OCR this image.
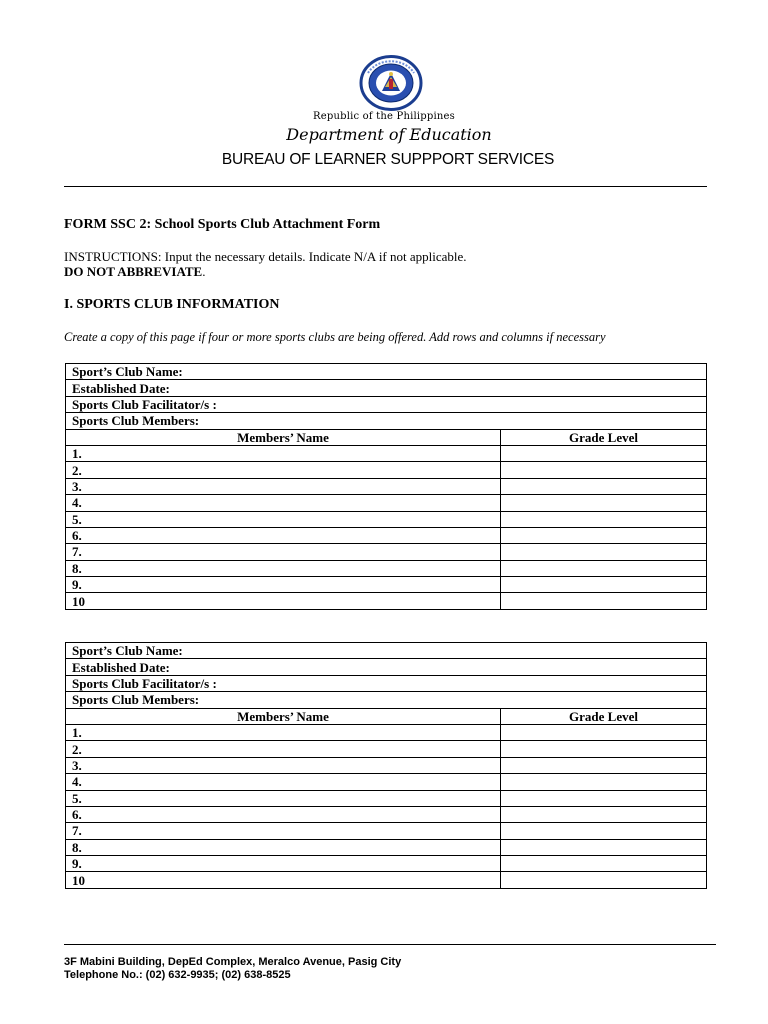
Republic of the Philippines
Department of Education
BUREAU OF LEARNER SUPPPORT SERVICES
FORM SSC 2: School Sports Club Attachment Form
INSTRUCTIONS: Input the necessary details. Indicate N/A if not applicable.
DO NOT ABBREVIATE.
I. SPORTS CLUB INFORMATION
Create a copy of this page if four or more sports clubs are being offered. Add rows and columns if necessary
Sport’s Club Name:	
Established Date:	
Sports Club Facilitator/s :	
Sports Club Members:	
Members’ Name	Grade Level
1.	
2.	
3.	
4.	
5.	
6.	
7.	
8.	
9.	
10	
Sport’s Club Name:	
Established Date:	
Sports Club Facilitator/s :	
Sports Club Members:	
Members’ Name	Grade Level
1.	
2.	
3.	
4.	
5.	
6.	
7.	
8.	
9.	
10	
3F Mabini Building, DepEd Complex, Meralco Avenue, Pasig City
Telephone No.: (02) 632-9935; (02) 638-8525
